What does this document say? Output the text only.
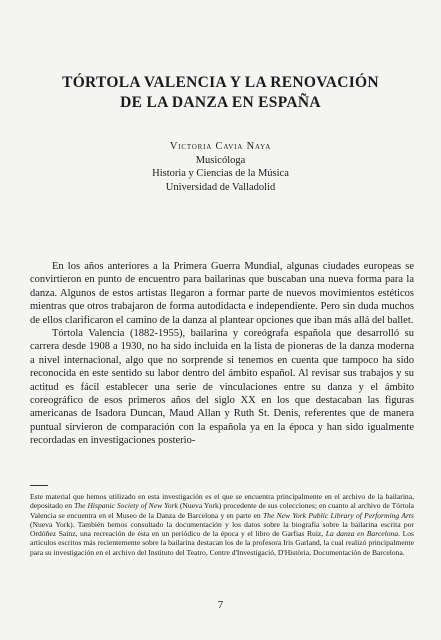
TÓRTOLA VALENCIA Y LA RENOVACIÓN
DE LA DANZA EN ESPAÑA
Victoria Cavia Naya
Musicóloga
Historia y Ciencias de la Música
Universidad de Valladolid

En los años anteriores a la Primera Guerra Mundial, algunas ciudades europeas se convirtieron en punto de encuentro para bailarinas que buscaban una nueva forma para la danza. Algunos de estos artistas llegaron a formar parte de nuevos movimientos estéticos mientras que otros trabajaron de forma autodidacta e independiente. Pero sin duda muchos de ellos clarificaron el camino de la danza al plantear opciones que iban más allá del ballet.

Tórtola Valencia (1882-1955), bailarina y coreógrafa española que desarrolló su carrera desde 1908 a 1930, no ha sido incluida en la lista de pioneras de la danza moderna a nivel internacional, algo que no sorprende si tenemos en cuenta que tampoco ha sido reconocida en este sentido su labor dentro del ámbito español. Al revisar sus trabajos y su actitud es fácil establecer una serie de vinculaciones entre su danza y el ámbito coreográfico de esos primeros años del siglo XX en los que destacaban las figuras americanas de Isadora Duncan, Maud Allan y Ruth St. Denis, referentes que de manera puntual sirvieron de comparación con la española ya en la época y han sido igualmente recordadas en investigaciones posterio-

Este material que hemos utilizado en esta investigación es el que se encuentra principalmente en el archivo de la bailarina, depositado en The Hispanic Society of New York (Nueva York) procedente de sus colecciones; en cuanto al archivo de Tórtola Valencia se encuentra en el Museo de la Danza de Barcelona y en parte en The New York Public Library of Performing Arts (Nueva York). También hemos consultado la documentación y los datos sobre la biografía sobre la bailarina escrita por Ordóñez Sainz, una recreación de ésta en un periódico de la época y el libro de Garfias Ruiz, La danza en Barcelona. Los artículos escritos más recientemente sobre la bailarina destacan los de la profesora Iris Garland, la cual realizó principalmente para su investigación en el archivo del Instituto del Teatro, Centre d'Investigació, D'Història, Documentación de Barcelona.
7
